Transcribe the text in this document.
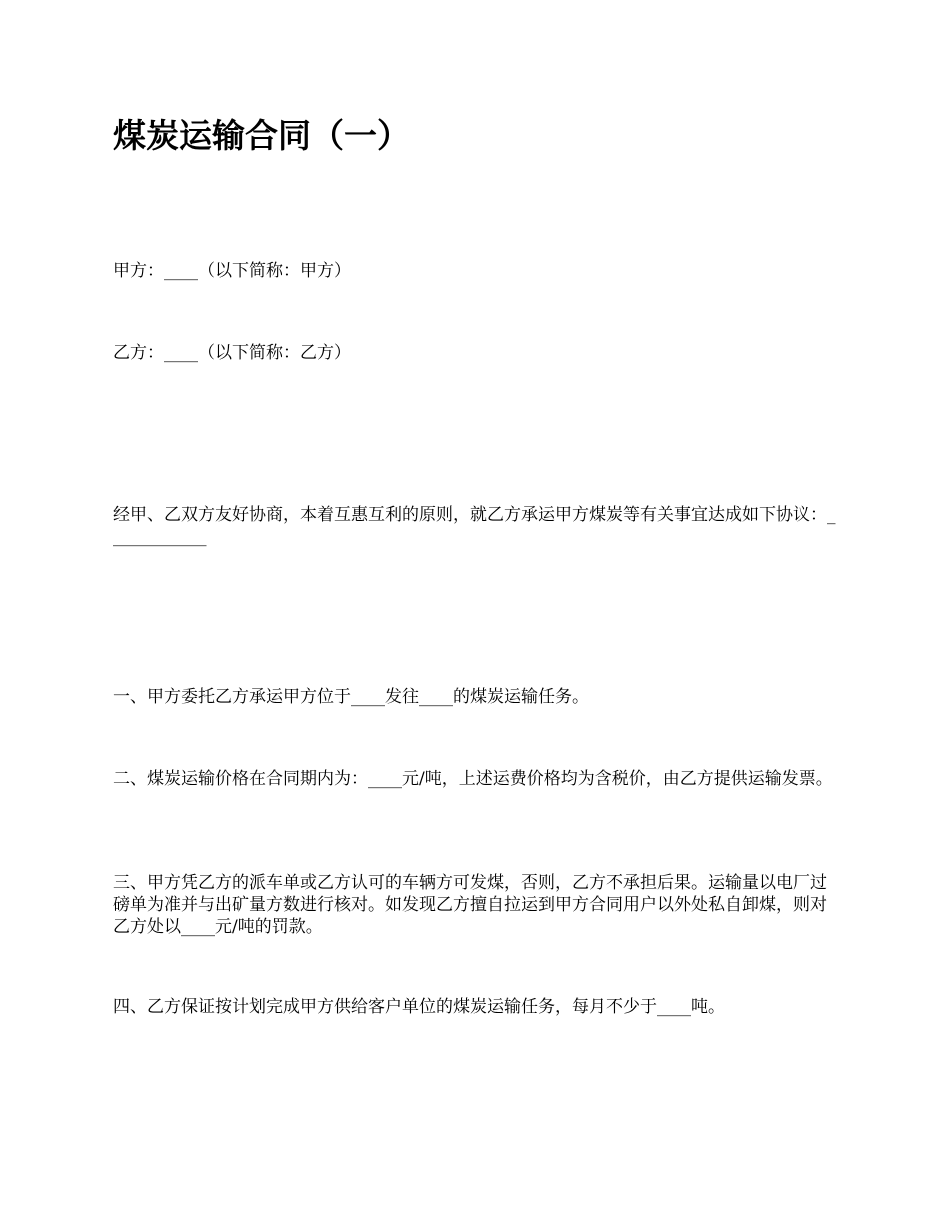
煤炭运输合同（一）

甲方：____（以下简称：甲方）

乙方：____（以下简称：乙方）

经甲、乙双方友好协商，本着互惠互利的原则，就乙方承运甲方煤炭等有关事宜达成如下协议：____________

一、甲方委托乙方承运甲方位于____发往____的煤炭运输任务。

二、煤炭运输价格在合同期内为：____元/吨，上述运费价格均为含税价，由乙方提供运输发票。

三、甲方凭乙方的派车单或乙方认可的车辆方可发煤，否则，乙方不承担后果。运输量以电厂过磅单为准并与出矿量方数进行核对。如发现乙方擅自拉运到甲方合同用户以外处私自卸煤，则对乙方处以____元/吨的罚款。

四、乙方保证按计划完成甲方供给客户单位的煤炭运输任务，每月不少于____吨。
